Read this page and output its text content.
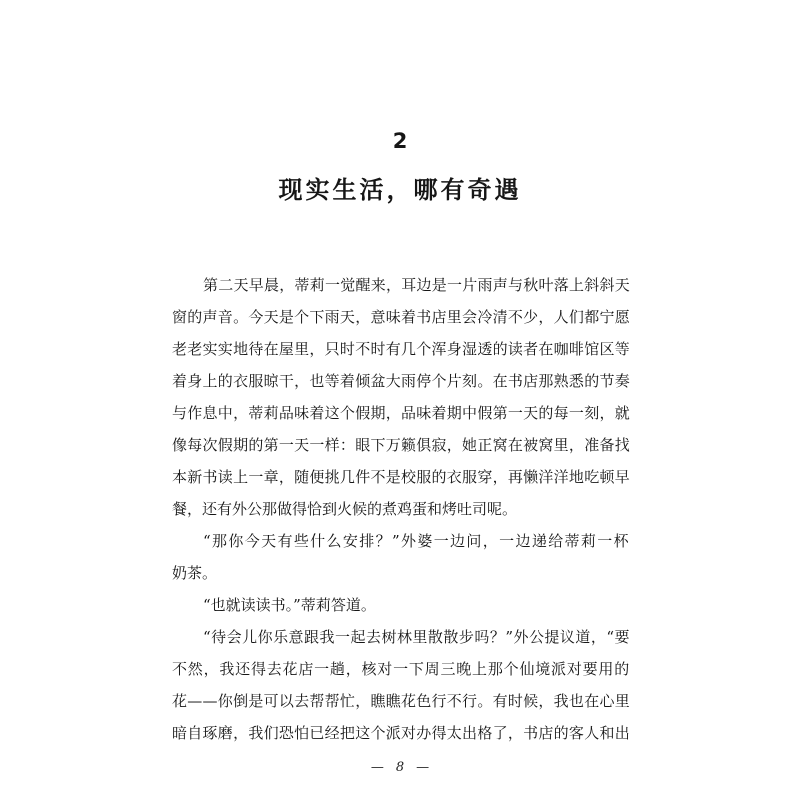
2
现实生活，哪有奇遇
第二天早晨，蒂莉一觉醒来，耳边是一片雨声与秋叶落上斜斜天
窗的声音。今天是个下雨天，意味着书店里会冷清不少，人们都宁愿
老老实实地待在屋里，只时不时有几个浑身湿透的读者在咖啡馆区等
着身上的衣服晾干，也等着倾盆大雨停个片刻。在书店那熟悉的节奏
与作息中，蒂莉品味着这个假期，品味着期中假第一天的每一刻，就
像每次假期的第一天一样：眼下万籁俱寂，她正窝在被窝里，准备找
本新书读上一章，随便挑几件不是校服的衣服穿，再懒洋洋地吃顿早
餐，还有外公那做得恰到火候的煮鸡蛋和烤吐司呢。
“那你今天有些什么安排？”外婆一边问，一边递给蒂莉一杯
奶茶。
“也就读读书。”蒂莉答道。
“待会儿你乐意跟我一起去树林里散散步吗？”外公提议道，“要
不然，我还得去花店一趟，核对一下周三晚上那个仙境派对要用的
花——你倒是可以去帮帮忙，瞧瞧花色行不行。有时候，我也在心里
暗自琢磨，我们恐怕已经把这个派对办得太出格了，书店的客人和出
— 8 —
